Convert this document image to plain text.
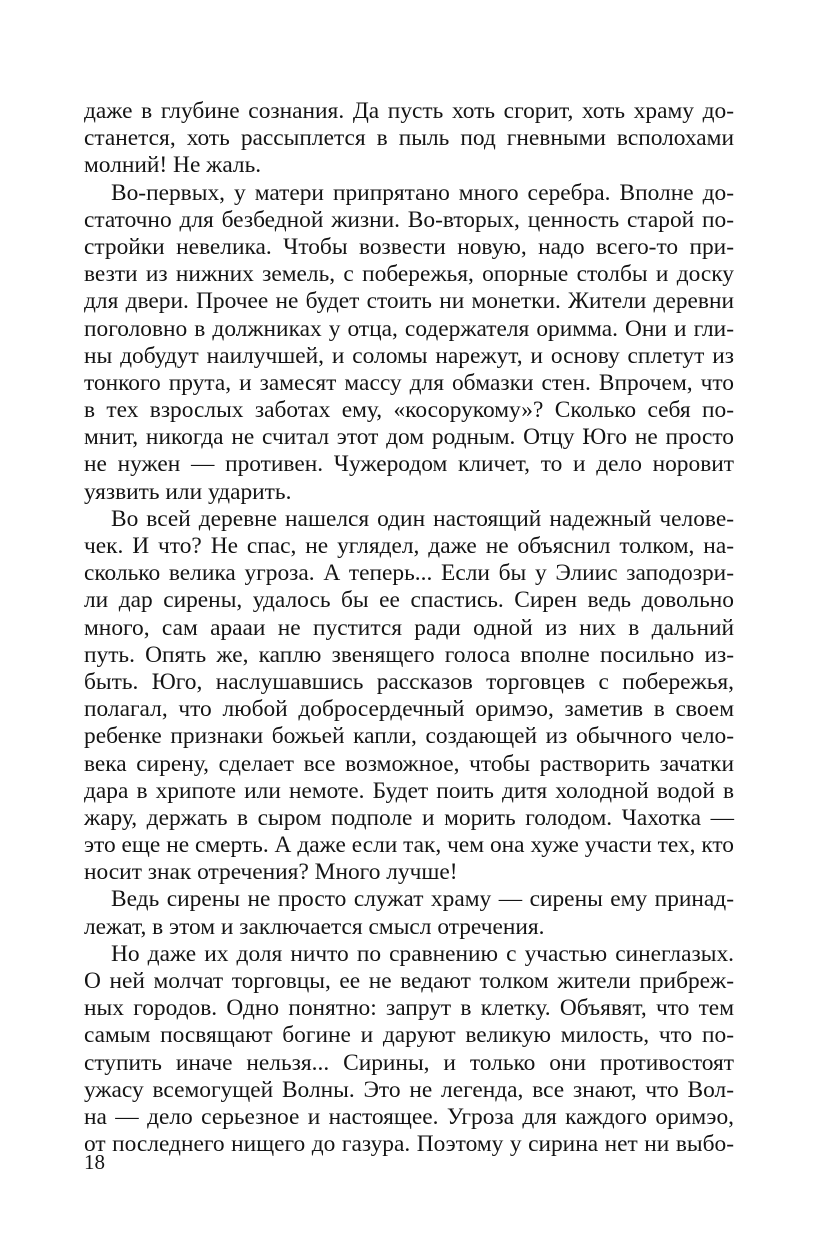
даже в глубине сознания. Да пусть хоть сгорит, хоть храму до-
станется, хоть рассыплется в пыль под гневными всполохами
молний! Не жаль.
Во-первых, у матери припрятано много серебра. Вполне до-
статочно для безбедной жизни. Во-вторых, ценность старой по-
стройки невелика. Чтобы возвести новую, надо всего-то при-
везти из нижних земель, с побережья, опорные столбы и доску
для двери. Прочее не будет стоить ни монетки. Жители деревни
поголовно в должниках у отца, содержателя оримма. Они и гли-
ны добудут наилучшей, и соломы нарежут, и основу сплетут из
тонкого прута, и замесят массу для обмазки стен. Впрочем, что
в тех взрослых заботах ему, «косорукому»? Сколько себя по-
мнит, никогда не считал этот дом родным. Отцу Юго не просто
не нужен — противен. Чужеродом кличет, то и дело норовит
уязвить или ударить.
Во всей деревне нашелся один настоящий надежный челове-
чек. И что? Не спас, не углядел, даже не объяснил толком, на-
сколько велика угроза. А теперь... Если бы у Элиис заподозри-
ли дар сирены, удалось бы ее спастись. Сирен ведь довольно
много, сам арааи не пустится ради одной из них в дальний
путь. Опять же, каплю звенящего голоса вполне посильно из-
быть. Юго, наслушавшись рассказов торговцев с побережья,
полагал, что любой добросердечный оримэо, заметив в своем
ребенке признаки божьей капли, создающей из обычного чело-
века сирену, сделает все возможное, чтобы растворить зачатки
дара в хрипоте или немоте. Будет поить дитя холодной водой в
жару, держать в сыром подполе и морить голодом. Чахотка —
это еще не смерть. А даже если так, чем она хуже участи тех, кто
носит знак отречения? Много лучше!
Ведь сирены не просто служат храму — сирены ему принад-
лежат, в этом и заключается смысл отречения.
Но даже их доля ничто по сравнению с участью синеглазых.
О ней молчат торговцы, ее не ведают толком жители прибреж-
ных городов. Одно понятно: запрут в клетку. Объявят, что тем
самым посвящают богине и даруют великую милость, что по-
ступить иначе нельзя... Сирины, и только они противостоят
ужасу всемогущей Волны. Это не легенда, все знают, что Вол-
на — дело серьезное и настоящее. Угроза для каждого оримэо,
от последнего нищего до газура. Поэтому у сирина нет ни выбо-
18
